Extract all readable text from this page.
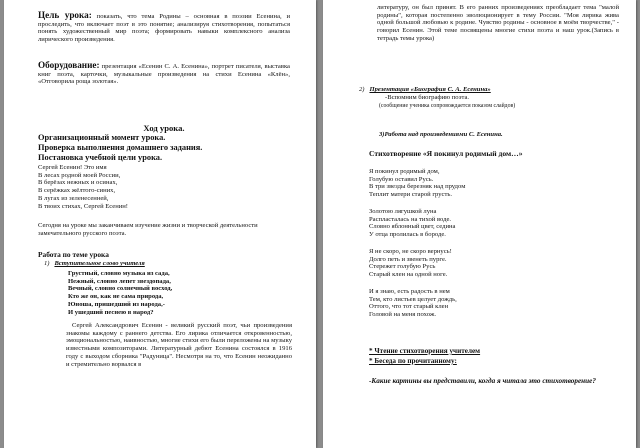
Цель урока: показать, что тема Родины – основная в поэзии Есенина, и проследить, что включает поэт в это понятие; анализируя стихотворения, попытаться понять художественный мир поэта; формировать навыки комплексного анализа лирического произведения.

Оборудование: презентация «Есенин С. А. Есенина», портрет писателя, выставка книг поэта, карточки, музыкальные произведения на стихи Есенина «Клён», «Отговорила роща золотая».

Ход урока.

Организационный момент урока.
Проверка выполнения домашнего задания.
Постановка учебной цели урока.

Сергей Есенин! Это имя
В лесах родной моей России,
В берёзах нежных и осинах,
В серёжках жёлтого-синих,
В лугах из зеленесенней,
В твоих стихах, Сергей Есенин!

Сегодня на уроке мы заканчиваем изучение жизни и творческой деятельности замечательного русского поэта.

Работа по теме урока

1) Вступительное слово учителя

Грустный, словно музыка из сада,
Нежный, словно лепет звездопада,
Вечный, словно солнечный восход,
Кто же он, как не сама природа,
Юноша, пришедший из народа,-
И ушедший песнею в народ?

Сергей Александрович Есенин - великий русский поэт, чьи произведения знакомы каждому с раннего детства. Его лирика отличается откровенностью, эмоциональностью, наивностью, многие стихи его были переложены на музыку известными композиторами. Литературный дебют Есенина состоялся в 1916 году с выходом сборника "Радуница". Несмотря на то, что Есенин неожиданно и стремительно ворвался в

литературу, он был принят. В его ранних произведениях преобладает тема "малой родины", которая постепенно эволюционирует в тему России. "Моя лирика жива одной большой любовью к родине. Чувство родины - основное в моём творчестве," - говорил Есенин. Этой теме посвящены многие стихи поэта и наш урок.(Запись в тетрадь темы урока)

2) Презентация «Биография С. А. Есенина»

-Вспомним биографию поэта.

(сообщение ученика сопровождается показом слайдов)

3)Работа над произведениями С. Есенина.

Стихотворение «Я покинул родимый дом…»

Я покинул родимый дом,
Голубую оставил Русь.
В три звезды березняк над прудом
Теплит матери старой грусть.

Золотою лягушкой луна
Распласталась на тихой воде.
Словно яблонный цвет, седина
У отца пролилась в бороде.

Я не скоро, не скоро вернусь!
Долго петь и звенеть пурге.
Стережет голубую Русь
Старый клен на одной ноге.

И я знаю, есть радость в нем
Тем, кто листьев целует дождь,
Оттого, что тот старый клен
Головой на меня похож.

* Чтение стихотворения учителем

* Беседа по прочитанному:

-Какие картины вы представили, когда я читала это стихотворение?
